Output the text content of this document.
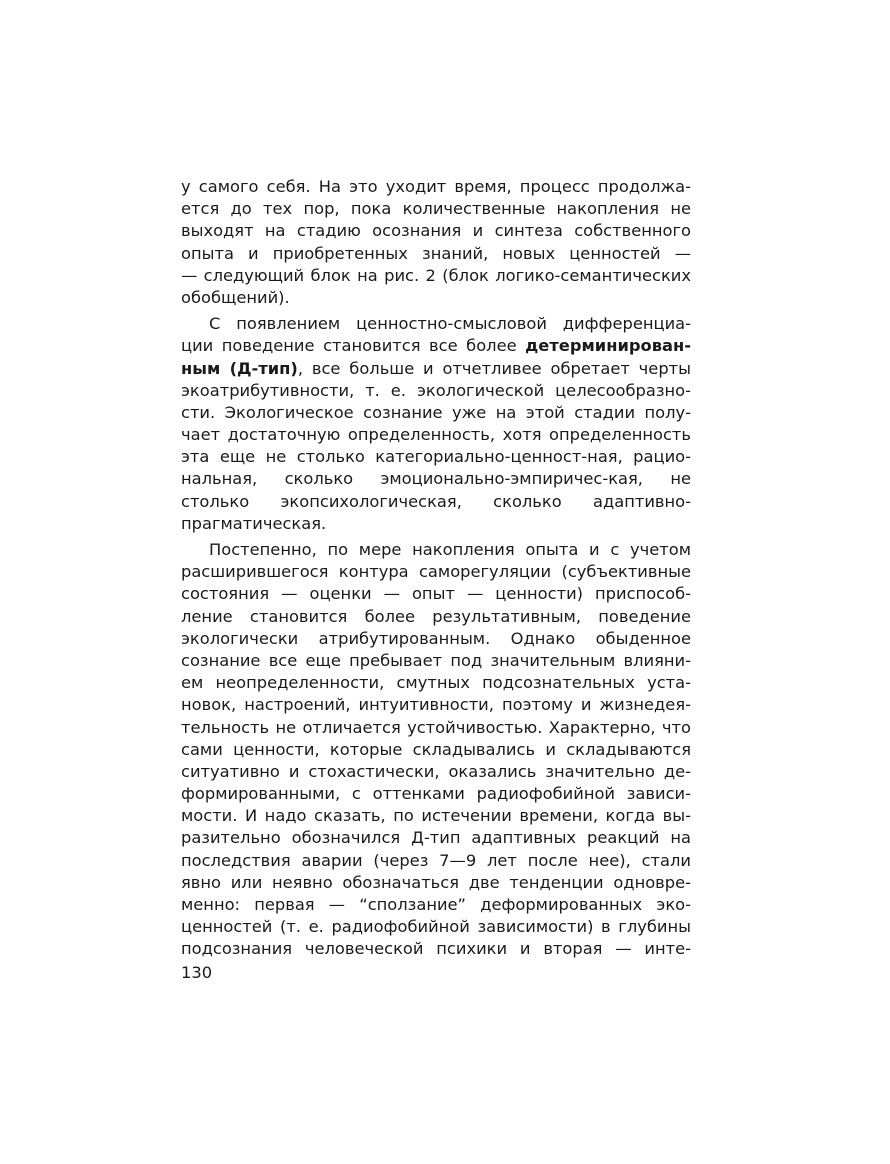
у самого себя. На это уходит время, процесс продолжа-
ется до тех пор, пока количественные накопления не
выходят на стадию осознания и синтеза собственного
опыта и приобретенных знаний, новых ценностей —
— следующий блок на рис. 2 (блок логико-семантических
обобщений).
С появлением ценностно-смысловой дифференциа-
ции поведение становится все более детерминирован-
ным (Д-тип), все больше и отчетливее обретает черты
экоатрибутивности, т. е. экологической целесообразно-
сти. Экологическое сознание уже на этой стадии полу-
чает достаточную определенность, хотя определенность
эта еще не столько категориально-ценност-ная, рацио-
нальная, сколько эмоционально-эмпиричес-кая, не
столько экопсихологическая, сколько адаптивно-
прагматическая.
Постепенно, по мере накопления опыта и с учетом
расширившегося контура саморегуляции (субъективные
состояния — оценки — опыт — ценности) приспособ-
ление становится более результативным, поведение
экологически атрибутированным. Однако обыденное
сознание все еще пребывает под значительным влияни-
ем неопределенности, смутных подсознательных уста-
новок, настроений, интуитивности, поэтому и жизнедея-
тельность не отличается устойчивостью. Характерно, что
сами ценности, которые складывались и складываются
ситуативно и стохастически, оказались значительно де-
формированными, с оттенками радиофобийной зависи-
мости. И надо сказать, по истечении времени, когда вы-
разительно обозначился Д-тип адаптивных реакций на
последствия аварии (через 7—9 лет после нее), стали
явно или неявно обозначаться две тенденции одновре-
менно: первая — “сползание” деформированных эко-
ценностей (т. е. радиофобийной зависимости) в глубины
подсознания человеческой психики и вторая — инте-
130
